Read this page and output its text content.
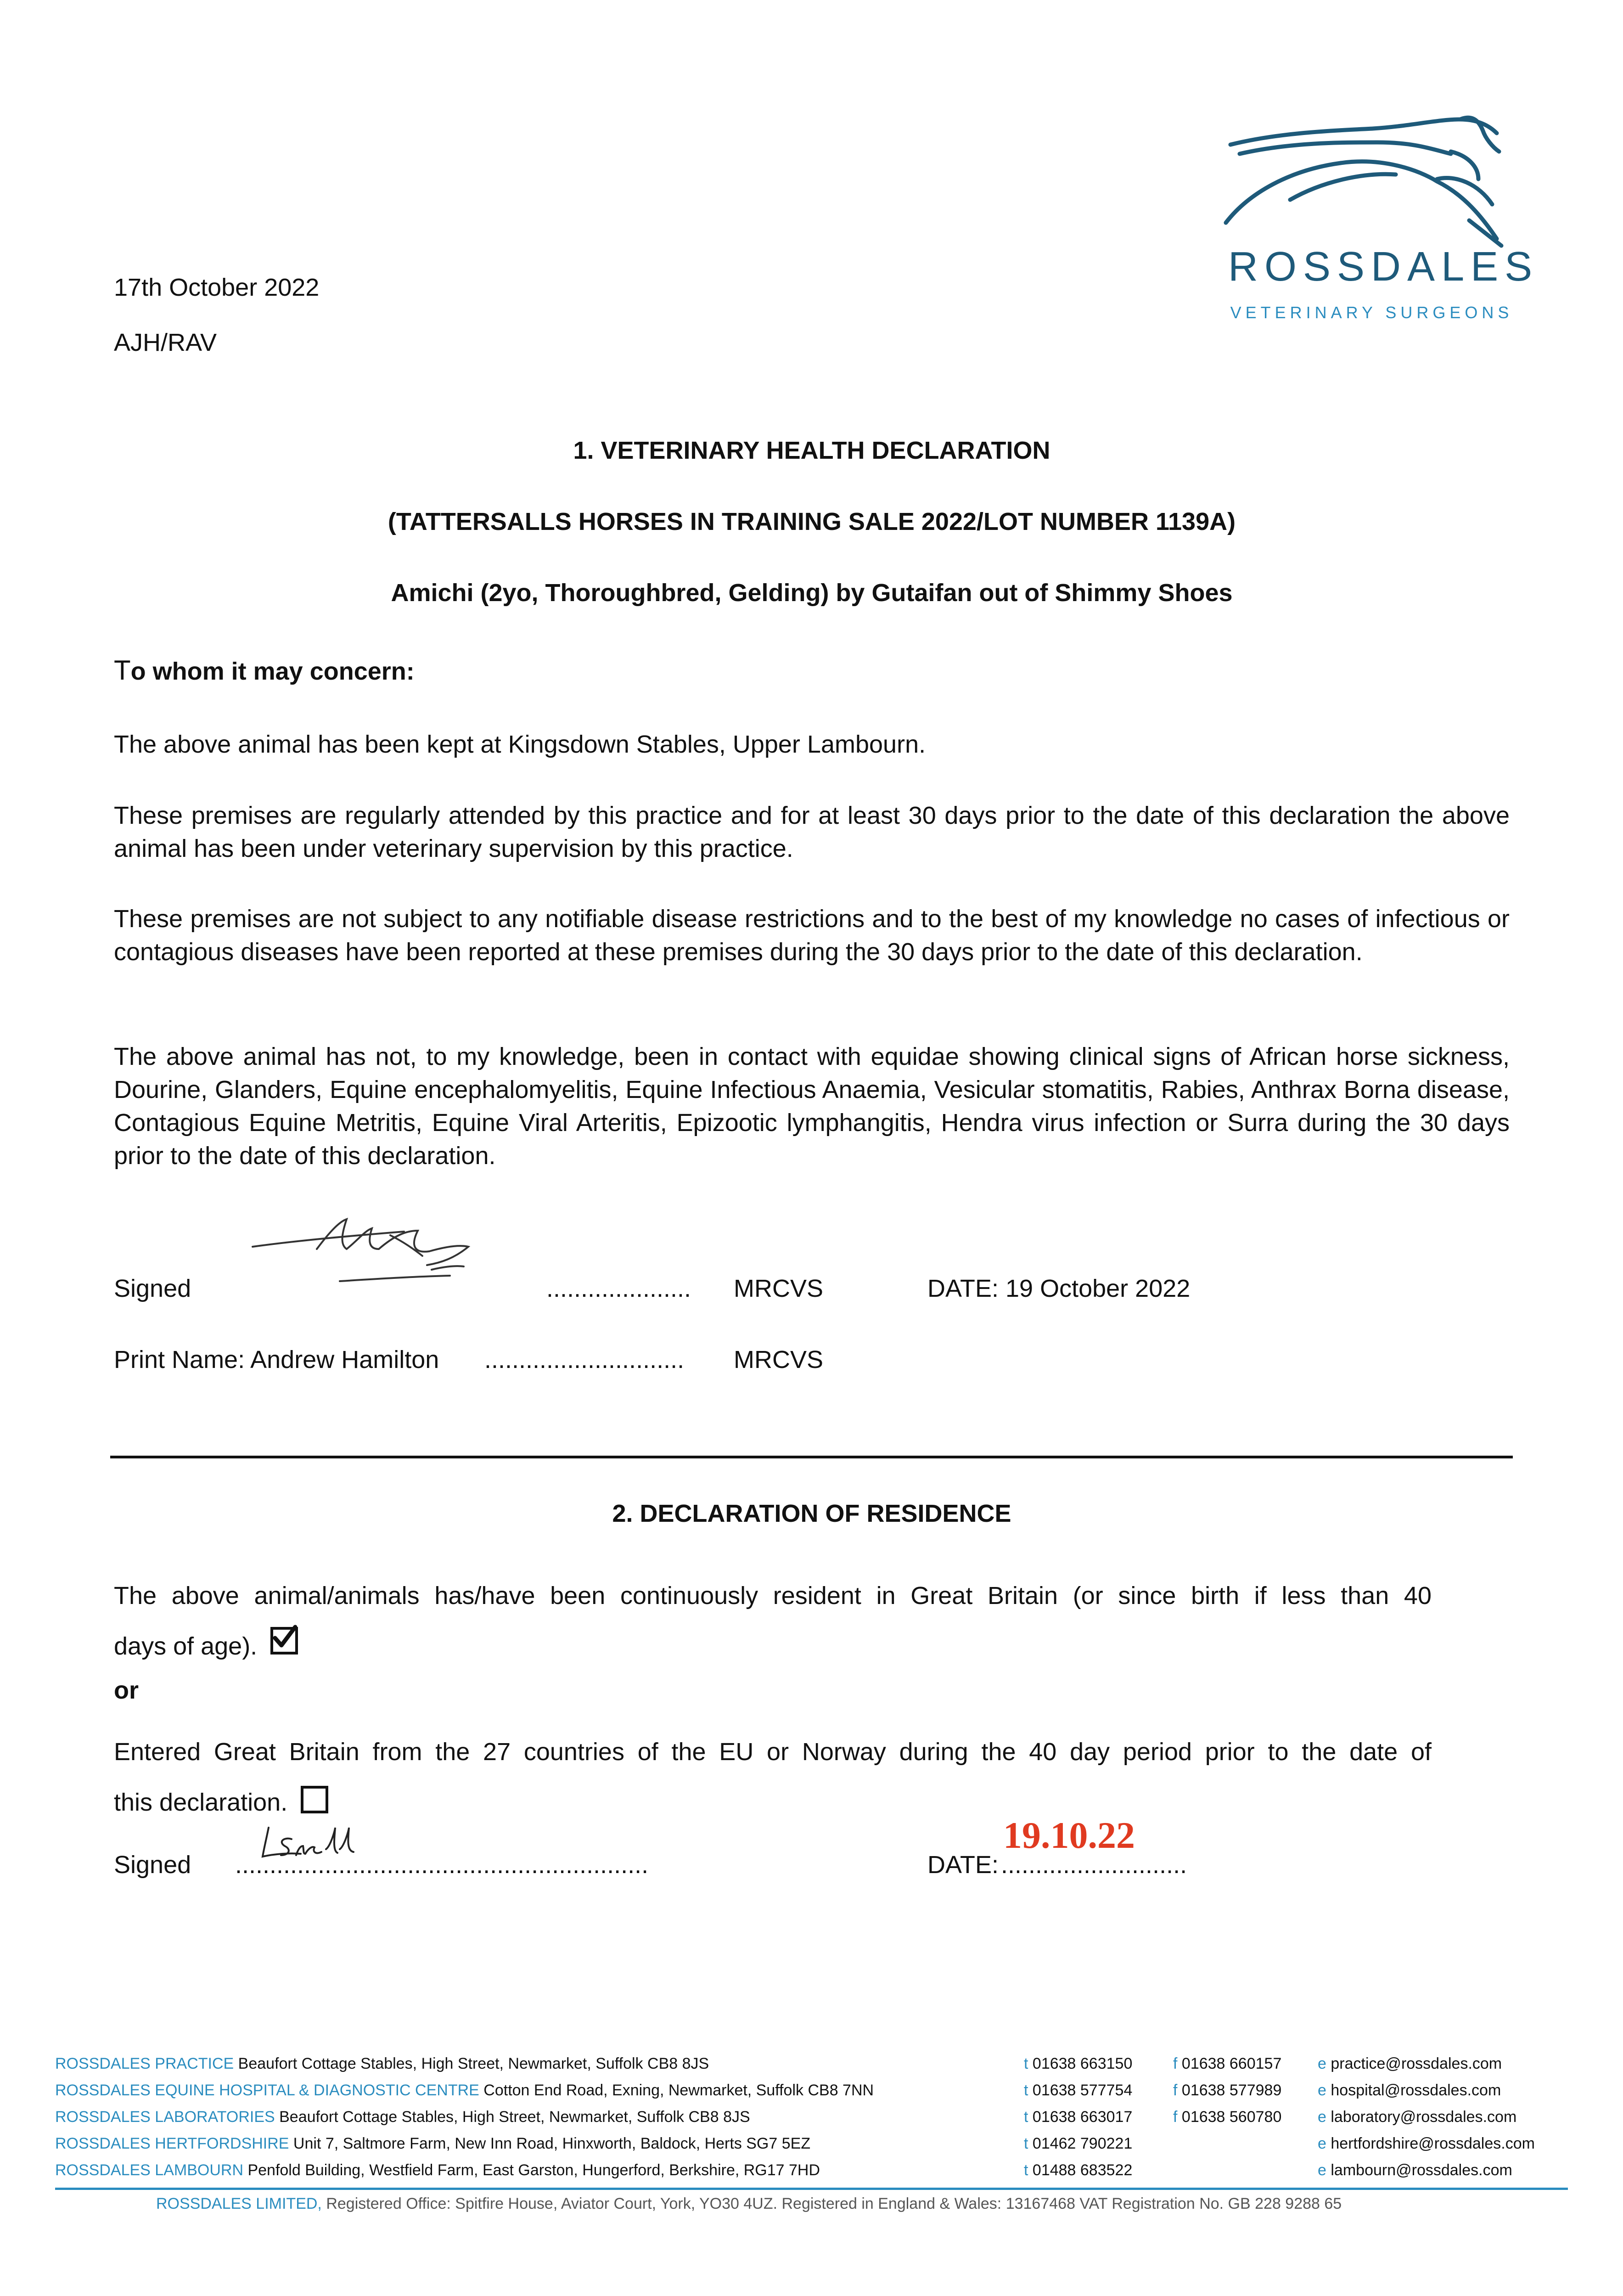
ROSSDALES
VETERINARY SURGEONS
17th October 2022
AJH/RAV
1. VETERINARY HEALTH DECLARATION
(TATTERSALLS HORSES IN TRAINING SALE 2022/LOT NUMBER 1139A)
Amichi (2yo, Thoroughbred, Gelding) by Gutaifan out of Shimmy Shoes
To whom it may concern:
The above animal has been kept at Kingsdown Stables, Upper Lambourn.
These premises are regularly attended by this practice and for at least 30 days prior to the date of this declaration the above animal has been under veterinary supervision by this practice.
These premises are not subject to any notifiable disease restrictions and to the best of my knowledge no cases of infectious or contagious diseases have been reported at these premises during the 30 days prior to the date of this declaration.
The above animal has not, to my knowledge, been in contact with equidae showing clinical signs of African horse sickness, Dourine, Glanders, Equine encephalomyelitis, Equine Infectious Anaemia, Vesicular stomatitis, Rabies, Anthrax Borna disease, Contagious Equine Metritis, Equine Viral Arteritis, Epizootic lymphangitis, Hendra virus infection or Surra during the 30 days prior to the date of this declaration.
Signed	..................... MRCVS	DATE: 19 October 2022
Print Name: Andrew Hamilton ............................. MRCVS
2. DECLARATION OF RESIDENCE
The above animal/animals has/have been continuously resident in Great Britain (or since birth if less than 40
days of age).
or
Entered Great Britain from the 27 countries of the EU or Norway during the 40 day period prior to the date of
this declaration.
Signed ............................................................
19.10.22
DATE: ...........................
ROSSDALES PRACTICE Beaufort Cottage Stables, High Street, Newmarket, Suffolk CB8 8JS	t 01638 663150	f 01638 660157 e practice@rossdales.com
ROSSDALES EQUINE HOSPITAL & DIAGNOSTIC CENTRE Cotton End Road, Exning, Newmarket, Suffolk CB8 7NN	t 01638 577754	f 01638 577989 e hospital@rossdales.com
ROSSDALES LABORATORIES Beaufort Cottage Stables, High Street, Newmarket, Suffolk CB8 8JS	t 01638 663017	f 01638 560780 e laboratory@rossdales.com
ROSSDALES HERTFORDSHIRE Unit 7, Saltmore Farm, New Inn Road, Hinxworth, Baldock, Herts SG7 5EZ	t 01462 790221	e hertfordshire@rossdales.com
ROSSDALES LAMBOURN Penfold Building, Westfield Farm, East Garston, Hungerford, Berkshire, RG17 7HD	t 01488 683522	e lambourn@rossdales.com
ROSSDALES LIMITED, Registered Office: Spitfire House, Aviator Court, York, YO30 4UZ. Registered in England & Wales: 13167468 VAT Registration No. GB 228 9288 65
